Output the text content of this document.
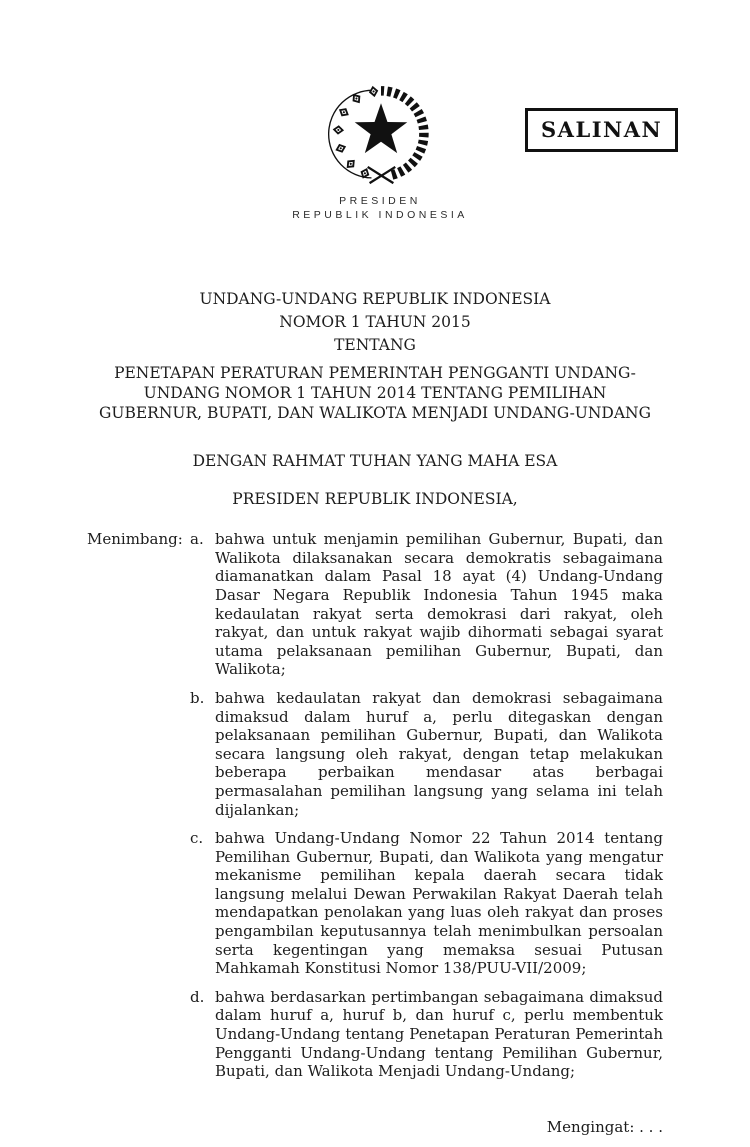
SALINAN
PRESIDEN
REPUBLIK INDONESIA
UNDANG-UNDANG REPUBLIK INDONESIA
NOMOR 1 TAHUN 2015
TENTANG
PENETAPAN PERATURAN PEMERINTAH PENGGANTI UNDANG-UNDANG NOMOR 1 TAHUN 2014 TENTANG PEMILIHAN GUBERNUR, BUPATI, DAN WALIKOTA MENJADI UNDANG-UNDANG
DENGAN RAHMAT TUHAN YANG MAHA ESA
PRESIDEN REPUBLIK INDONESIA,
Menimbang: a. bahwa untuk menjamin pemilihan Gubernur, Bupati, dan Walikota dilaksanakan secara demokratis sebagaimana diamanatkan dalam Pasal 18 ayat (4) Undang-Undang Dasar Negara Republik Indonesia Tahun 1945 maka kedaulatan rakyat serta demokrasi dari rakyat, oleh rakyat, dan untuk rakyat wajib dihormati sebagai syarat utama pelaksanaan pemilihan Gubernur, Bupati, dan Walikota;
b. bahwa kedaulatan rakyat dan demokrasi sebagaimana dimaksud dalam huruf a, perlu ditegaskan dengan pelaksanaan pemilihan Gubernur, Bupati, dan Walikota secara langsung oleh rakyat, dengan tetap melakukan beberapa perbaikan mendasar atas berbagai permasalahan pemilihan langsung yang selama ini telah dijalankan;
c. bahwa Undang-Undang Nomor 22 Tahun 2014 tentang Pemilihan Gubernur, Bupati, dan Walikota yang mengatur mekanisme pemilihan kepala daerah secara tidak langsung melalui Dewan Perwakilan Rakyat Daerah telah mendapatkan penolakan yang luas oleh rakyat dan proses pengambilan keputusannya telah menimbulkan persoalan serta kegentingan yang memaksa sesuai Putusan Mahkamah Konstitusi Nomor 138/PUU-VII/2009;
d. bahwa berdasarkan pertimbangan sebagaimana dimaksud dalam huruf a, huruf b, dan huruf c, perlu membentuk Undang-Undang tentang Penetapan Peraturan Pemerintah Pengganti Undang-Undang tentang Pemilihan Gubernur, Bupati, dan Walikota Menjadi Undang-Undang;
Mengingat: . . .
